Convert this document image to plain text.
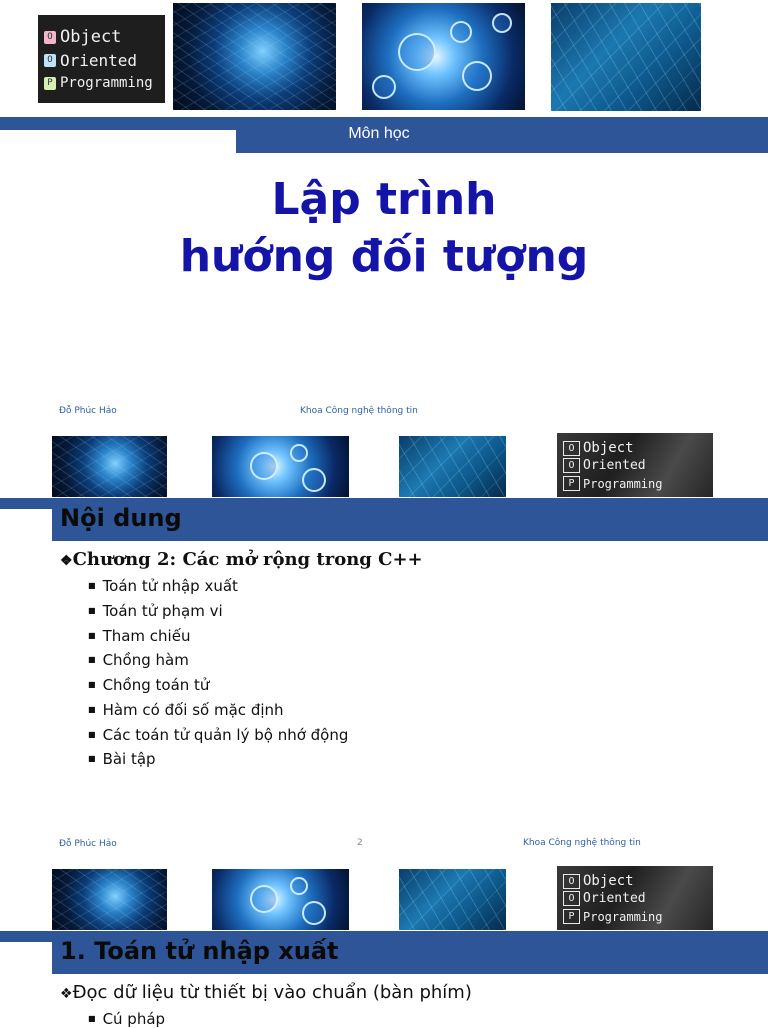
O Object
O Oriented
P Programming
Môn học
Lập trình
hướng đối tượng
Đỗ Phúc Hảo	Khoa Công nghệ thông tin
O Object
O Oriented
P Programming
Nội dung
❖Chương 2: Các mở rộng trong C++
■ Toán tử nhập xuất
■ Toán tử phạm vi
■ Tham chiếu
■ Chồng hàm
■ Chồng toán tử
■ Hàm có đối số mặc định
■ Các toán tử quản lý bộ nhớ động
■ Bài tập
Đỗ Phúc Hảo	2	Khoa Công nghệ thông tin
O Object
O Oriented
P Programming
1. Toán tử nhập xuất
❖Đọc dữ liệu từ thiết bị vào chuẩn (bàn phím)
■ Cú pháp
